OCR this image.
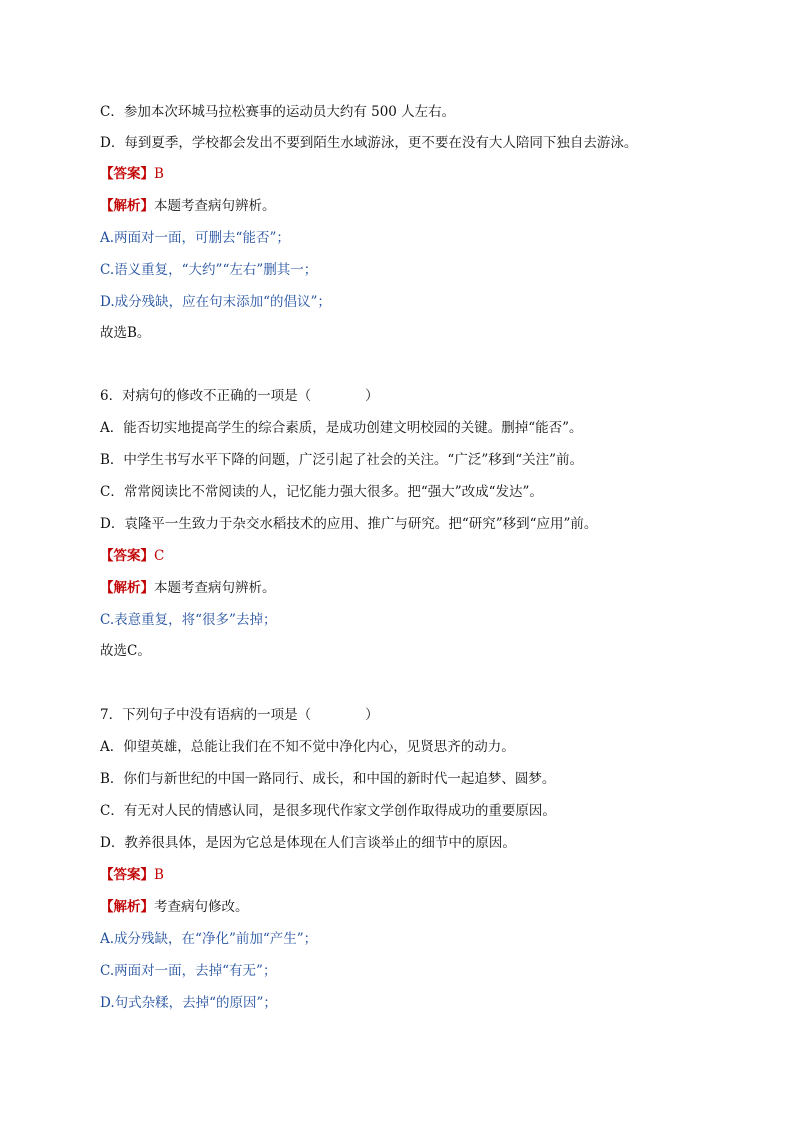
C．参加本次环城马拉松赛事的运动员大约有 500 人左右。
D．每到夏季，学校都会发出不要到陌生水域游泳，更不要在没有大人陪同下独自去游泳。
【答案】B
【解析】本题考查病句辨析。
A.两面对一面，可删去“能否”；
C.语义重复，“大约”“左右”删其一；
D.成分残缺，应在句末添加“的倡议”；
故选B。
6．对病句的修改不正确的一项是（　　　　）
A．能否切实地提高学生的综合素质，是成功创建文明校园的关键。删掉“能否”。
B．中学生书写水平下降的问题，广泛引起了社会的关注。“广泛”移到“关注”前。
C．常常阅读比不常阅读的人，记忆能力强大很多。把“强大”改成“发达”。
D．袁隆平一生致力于杂交水稻技术的应用、推广与研究。把“研究”移到“应用”前。
【答案】C
【解析】本题考查病句辨析。
C.表意重复，将“很多”去掉；
故选C。
7．下列句子中没有语病的一项是（　　　　）
A．仰望英雄，总能让我们在不知不觉中净化内心，见贤思齐的动力。
B．你们与新世纪的中国一路同行、成长，和中国的新时代一起追梦、圆梦。
C．有无对人民的情感认同，是很多现代作家文学创作取得成功的重要原因。
D．教养很具体，是因为它总是体现在人们言谈举止的细节中的原因。
【答案】B
【解析】考查病句修改。
A.成分残缺，在“净化”前加“产生”；
C.两面对一面，去掉“有无”；
D.句式杂糅，去掉“的原因”；
